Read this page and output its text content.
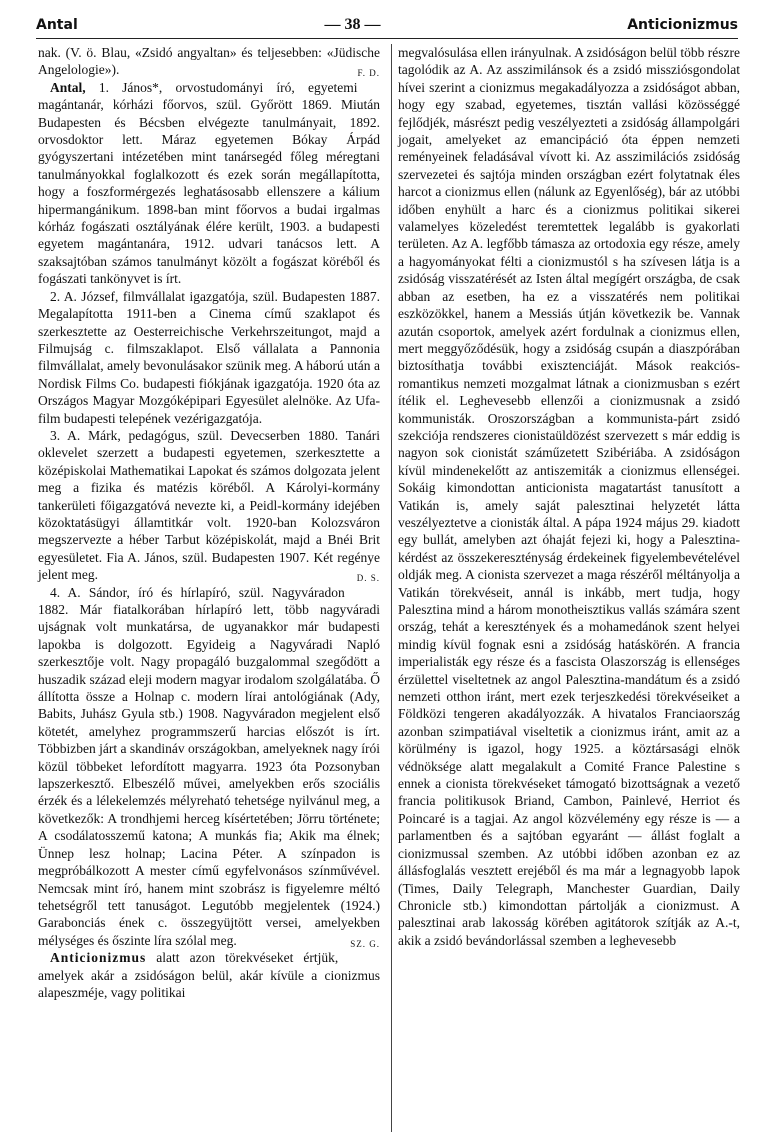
Antal	— 38 —	Anticionizmus

nak. (V. ö. Blau, «Zsidó angyaltan» és teljesebben: «Jüdische Angelologie»).	F. D.

Antal, 1. János*, orvostudományi író, egyetemi magántanár, kórházi főorvos, szül. Győrött 1869. Miután Budapesten és Bécsben elvégezte tanulmányait, 1892. orvosdoktor lett. Máraz egyetemen Bókay Árpád gyógyszertani intézetében mint tanársegéd főleg méregtani tanulmányokkal foglalkozott és ezek során megállapította, hogy a foszformérgezés leghatásosabb ellenszere a kálium hipermangánikum. 1898-ban mint főorvos a budai irgalmas kórház fogászati osztályának élére került, 1903. a budapesti egyetem magántanára, 1912. udvari tanácsos lett. A szaksajtóban számos tanulmányt közölt a fogászat köréből és fogászati tankönyvet is írt.

2. A. József, filmvállalat igazgatója, szül. Budapesten 1887. Megalapította 1911-ben a Cinema című szaklapot és szerkesztette az Oesterreichische Verkehrszeitungot, majd a Filmujság c. filmszaklapot. Első vállalata a Pannonia filmvállalat, amely bevonulásakor szünik meg. A háború után a Nordisk Films Co. budapesti fiókjának igazgatója. 1920 óta az Országos Magyar Mozgóképipari Egyesület alelnöke. Az Ufa-film budapesti telepének vezérigazgatója.

3. A. Márk, pedagógus, szül. Devecserben 1880. Tanári oklevelet szerzett a budapesti egyetemen, szerkesztette a középiskolai Mathematikai Lapokat és számos dolgozata jelent meg a fizika és matézis köréből. A Károlyi-kormány tankerületi főigazgatóvá nevezte ki, a Peidl-kormány idejében közoktatásügyi államtitkár volt. 1920-ban Kolozsváron megszervezte a héber Tarbut középiskolát, majd a Bnéi Brit egyesületet. Fia A. János, szül. Budapesten 1907. Két regénye jelent meg.	D. S.

4. A. Sándor, író és hírlapíró, szül. Nagyváradon 1882. Már fiatalkorában hírlapíró lett, több nagyváradi ujságnak volt munkatársa, de ugyanakkor már budapesti lapokba is dolgozott. Egyideig a Nagyváradi Napló szerkesztője volt. Nagy propagáló buzgalommal szegődött a huszadik század eleji modern magyar irodalom szolgálatába. Ő állította össze a Holnap c. modern lírai antológiának (Ady, Babits, Juhász Gyula stb.) 1908. Nagyváradon megjelent első kötetét, amelyhez programmszerű harcias előszót is írt. Többizben járt a skandináv országokban, amelyeknek nagy írói közül többeket lefordított magyarra. 1923 óta Pozsonyban lapszerkesztő. Elbeszélő művei, amelyekben erős szociális érzék és a lélekelemzés mélyreható tehetsége nyilvánul meg, a következők: A trondhjemi herceg kísértetében; Jörru története; A csodálatosszemű katona; A munkás fia; Akik ma élnek; Ünnep lesz holnap; Lacina Péter. A színpadon is megpróbálkozott A mester című egyfelvonásos színművével. Nemcsak mint író, hanem mint szobrász is figyelemre méltó tehetségről tett tanuságot. Legutóbb megjelentek (1924.) Garabonciás ének c. összegyüjtött versei, amelyekben mélységes és őszinte líra szólal meg.	SZ. G.

Anticionizmus alatt azon törekvéseket értjük, amelyek akár a zsidóságon belül, akár kívüle a cionizmus alapeszméje, vagy politikai

megvalósulása ellen irányulnak. A zsidóságon belül több részre tagolódik az A. Az asszimilánsok és a zsidó missziósgondolat hívei szerint a cionizmus megakadályozza a zsidóságot abban, hogy egy szabad, egyetemes, tisztán vallási közösséggé fejlődjék, másrészt pedig veszélyezteti a zsidóság állampolgári jogait, amelyeket az emancipáció óta éppen nemzeti reményeinek feladásával vívott ki. Az asszimilációs zsidóság szervezetei és sajtója minden országban ezért folytatnak éles harcot a cionizmus ellen (nálunk az Egyenlőség), bár az utóbbi időben enyhült a harc és a cionizmus politikai sikerei valamelyes közeledést teremtettek legalább is gyakorlati területen. Az A. legfőbb támasza az ortodoxia egy része, amely a hagyományokat félti a cionizmustól s ha szívesen látja is a zsidóság visszatérését az Isten által megígért országba, de csak abban az esetben, ha ez a visszatérés nem politikai eszközökkel, hanem a Messiás útján következik be. Vannak azután csoportok, amelyek azért fordulnak a cionizmus ellen, mert meggyőződésük, hogy a zsidóság csupán a diaszpórában biztosíthatja további exisztenciáját. Mások reakciós-romantikus nemzeti mozgalmat látnak a cionizmusban s ezért ítélik el. Leghevesebb ellenzői a cionizmusnak a zsidó kommunisták. Oroszországban a kommunista-párt zsidó szekciója rendszeres cionistaüldözést szervezett s már eddig is nagyon sok cionistát száműzetett Szibériába. A zsidóságon kívül mindenekelőtt az antiszemiták a cionizmus ellenségei. Sokáig kimondottan anticionista magatartást tanusított a Vatikán is, amely saját palesztinai helyzetét látta veszélyeztetve a cionisták által. A pápa 1924 május 29. kiadott egy bullát, amelyben azt óhaját fejezi ki, hogy a Palesztina-kérdést az összekeresztényság érdekeinek figyelembevételével oldják meg. A cionista szervezet a maga részéről méltányolja a Vatikán törekvéseit, annál is inkább, mert tudja, hogy Palesztina mind a három monotheisztikus vallás számára szent ország, tehát a keresztények és a mohamedánok szent helyei mindig kívül fognak esni a zsidóság hatáskörén. A francia imperialisták egy része és a fascista Olaszország is ellenséges érzülettel viseltetnek az angol Palesztina-mandátum és a zsidó nemzeti otthon iránt, mert ezek terjeszkedési törekvéseiket a Földközi tengeren akadályozzák. A hivatalos Franciaország azonban szimpatiával viseltetik a cionizmus iránt, amit az a körülmény is igazol, hogy 1925. a köztársasági elnök védnöksége alatt megalakult a Comité France Palestine s ennek a cionista törekvéseket támogató bizottságnak a vezető francia politikusok Briand, Cambon, Painlevé, Herriot és Poincaré is a tagjai. Az angol közvélemény egy része is — a parlamentben és a sajtóban egyaránt — állást foglalt a cionizmussal szemben. Az utóbbi időben azonban ez az állásfoglalás vesztett erejéből és ma már a legnagyobb lapok (Times, Daily Telegraph, Manchester Guardian, Daily Chronicle stb.) kimondottan pártolják a cionizmust. A palesztinai arab lakosság körében agitátorok szítják az A.-t, akik a zsidó bevándorlással szemben a leghevesebb
